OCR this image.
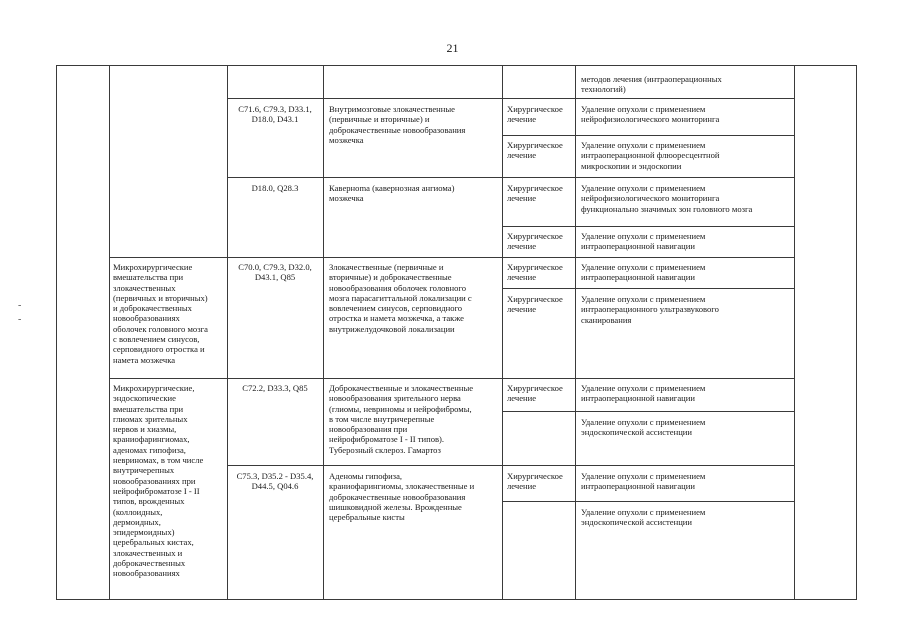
21
-
-
методов лечения (интраоперационных
технологий)
C71.6, C79.3, D33.1,
D18.0, D43.1
Внутримозговые злокачественные
(первичные и вторичные) и
доброкачественные новообразования
мозжечка
Хирургическое
лечение
Удаление опухоли с применением
нейрофизиологического мониторинга
Хирургическое
лечение
Удаление опухоли с применением
интраоперационной флюоресцентной
микроскопии и эндоскопии
D18.0, Q28.3	Каверноma (кавернозная ангиома)
мозжечка
Хирургическое
лечение
Удаление опухоли с применением
нейрофизиологического мониторинга
функционально значимых зон головного мозга
Хирургическое
лечение
Удаление опухоли с применением
интраоперационной навигации
Микрохирургические
вмешательства при
злокачественных
(первичных и вторичных)
и доброкачественных
новообразованиях
оболочек головного мозга
с вовлечением синусов,
серповидного отростка и
намета мозжечка
C70.0, C79.3, D32.0,
D43.1, Q85
Злокачественные (первичные и
вторичные) и доброкачественные
новообразования оболочек головного
мозга парасагиттальной локализации с
вовлечением синусов, серповидного
отростка и намета мозжечка, а также
внутрижелудочковой локализации
Хирургическое
лечение
Удаление опухоли с применением
интраоперационной навигации
Хирургическое
лечение
Удаление опухоли с применением
интраоперационного ультразвукового
сканирования
Микрохирургические,
эндоскопические
вмешательства при
глиомах зрительных
нервов и хиазмы,
краниофарингиомах,
аденомах гипофиза,
невриномах, в том числе
внутричерепных
новообразованиях при
нейрофиброматозе I - II
типов, врожденных
(коллоидных,
дермоидных,
эпидермоидных)
церебральных кистах,
злокачественных и
доброкачественных
новообразованиях
C72.2, D33.3, Q85	Доброкачественные и злокачественные
новообразования зрительного нерва
(глиомы, невриномы и нейрофибромы,
в том числе внутричерепные
новообразования при
нейрофиброматозе I - II типов).
Туберозный склероз. Гамартоз
Хирургическое
лечение
Удаление опухоли с применением
интраоперационной навигации
Удаление опухоли с применением
эндоскопической ассистенции
C75.3, D35.2 - D35.4,
D44.5, Q04.6
Аденомы гипофиза,
краниофарингиомы, злокачественные и
доброкачественные новообразования
шишковидной железы. Врожденные
церебральные кисты
Хирургическое
лечение
Удаление опухоли с применением
интраоперационной навигации
Удаление опухоли с применением
эндоскопической ассистенции
